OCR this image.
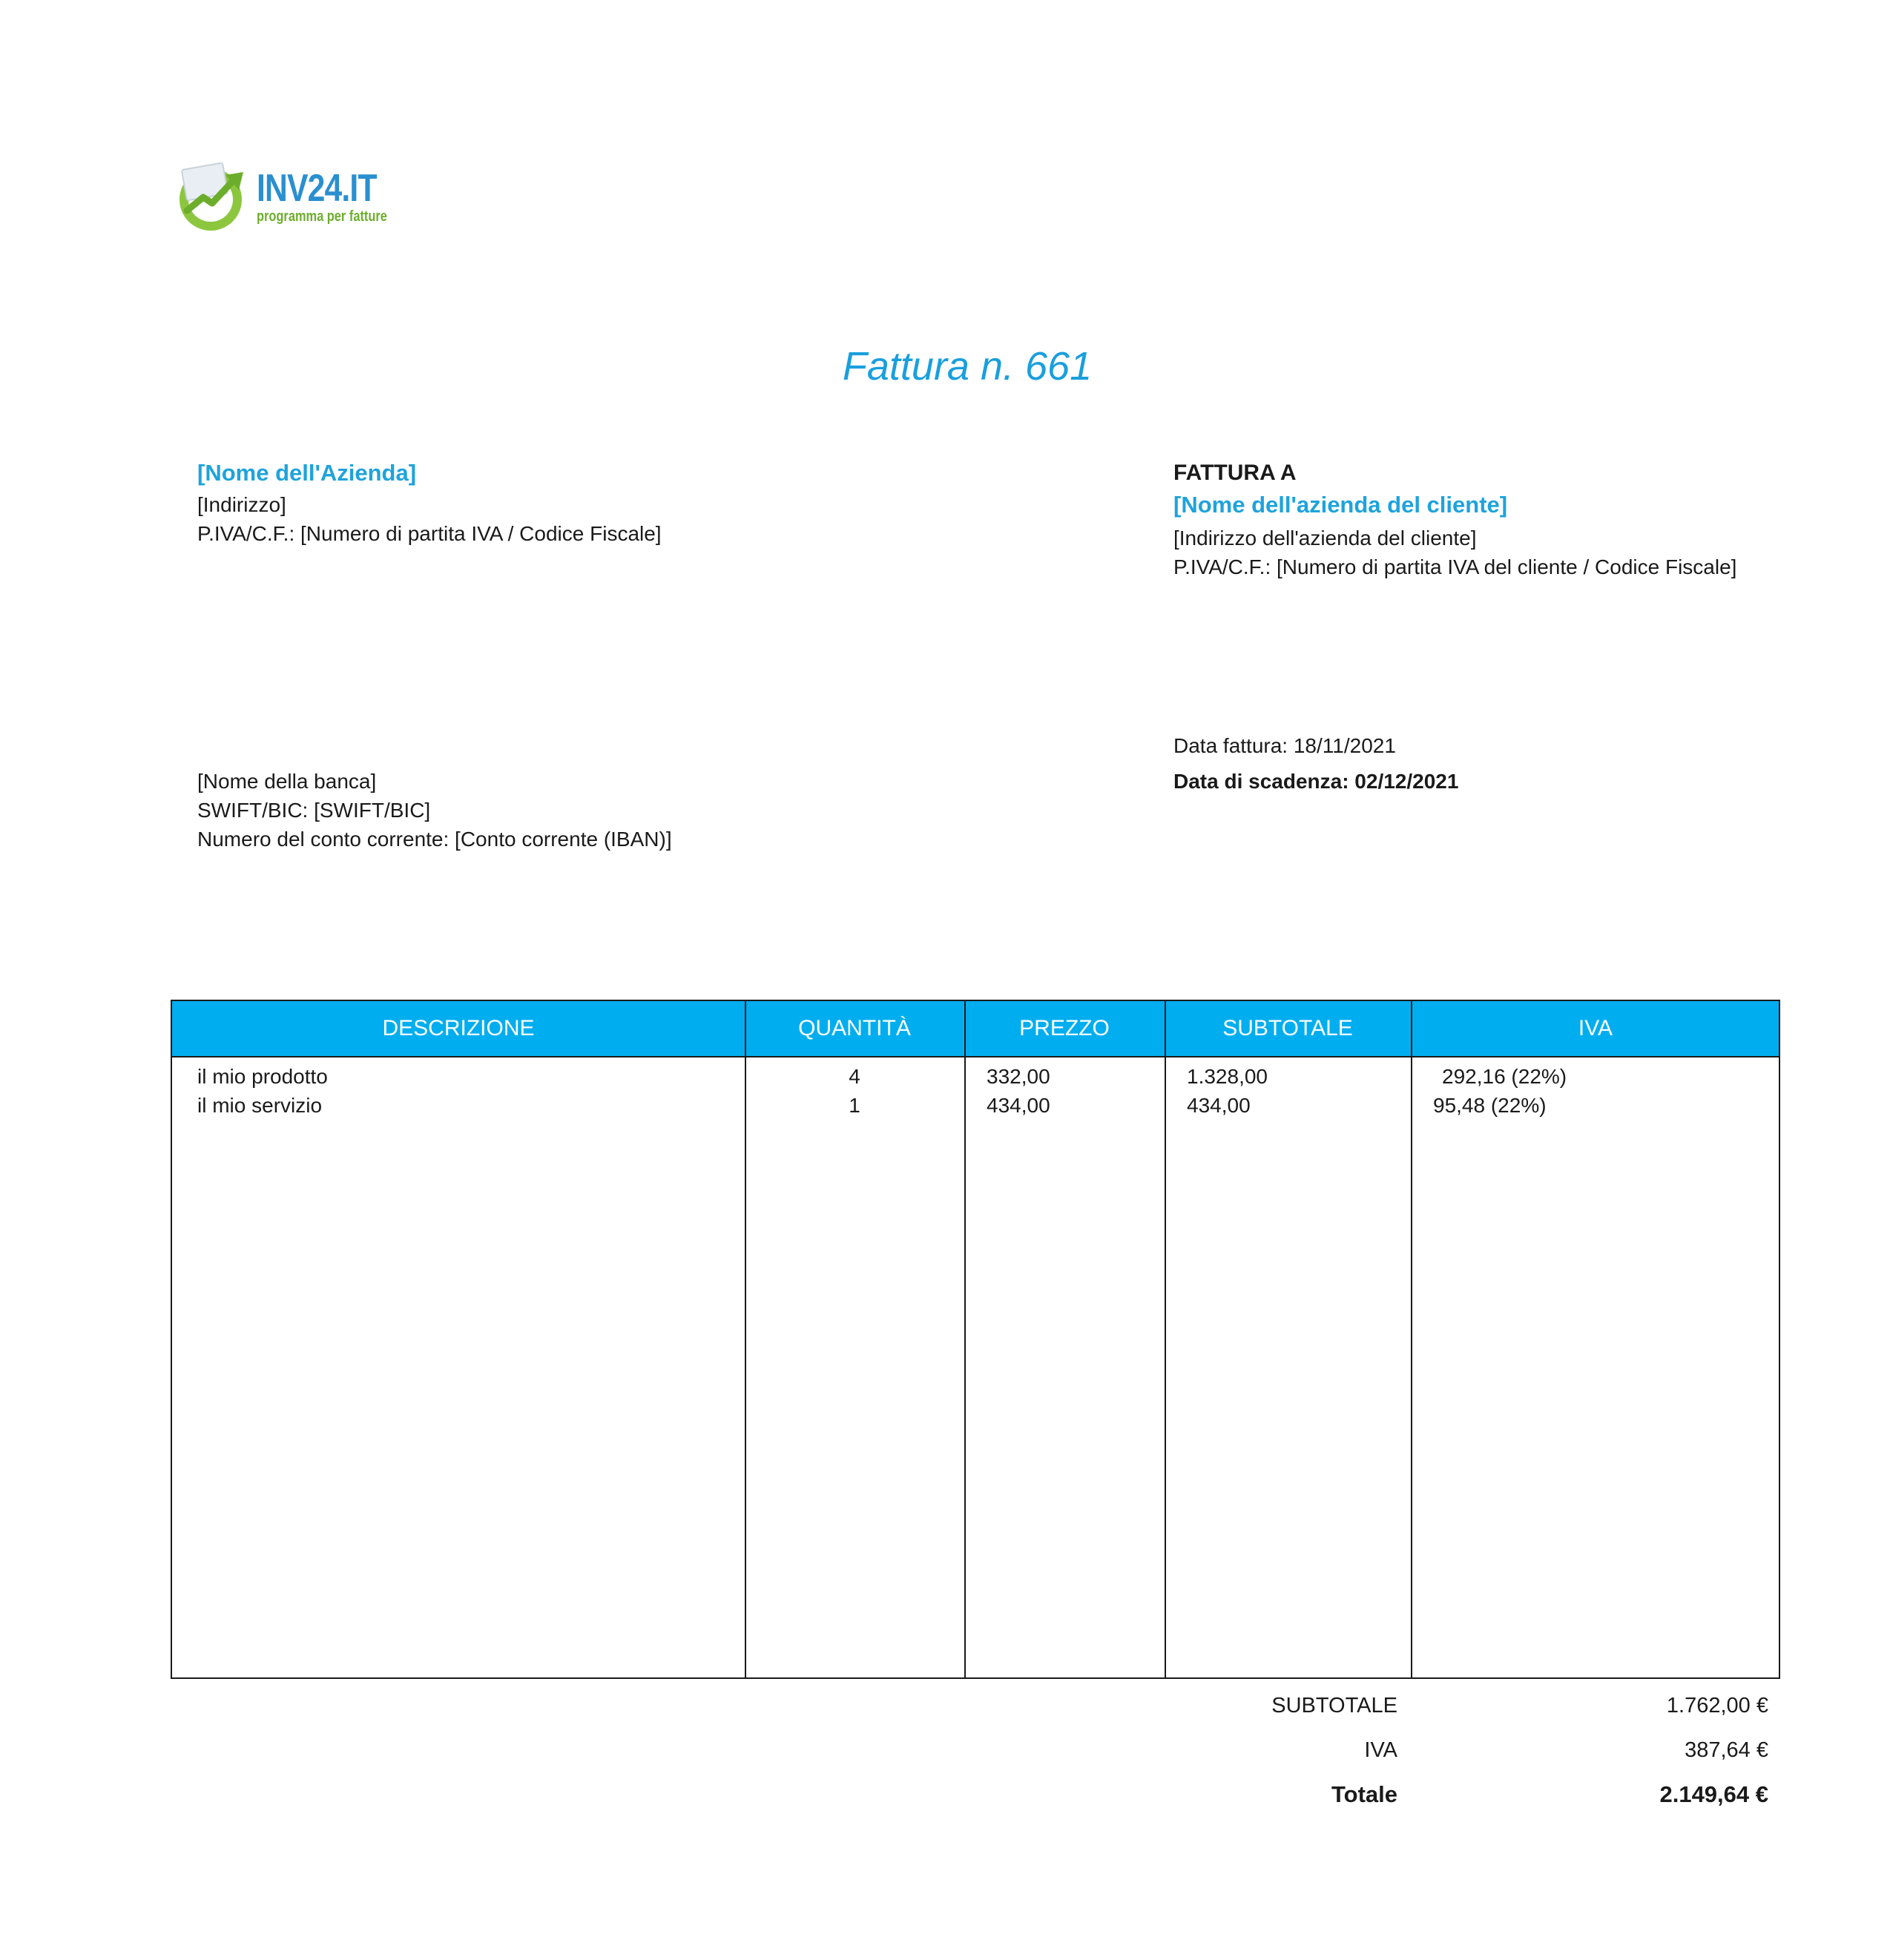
INV24.IT
programma per fatture
Fattura n. 661
[Nome dell'Azienda]
[Indirizzo]
P.IVA/C.F.: [Numero di partita IVA / Codice Fiscale]
FATTURA A
[Nome dell'azienda del cliente]
[Indirizzo dell'azienda del cliente]
P.IVA/C.F.: [Numero di partita IVA del cliente / Codice Fiscale]
Data fattura: 18/11/2021
Data di scadenza: 02/12/2021
[Nome della banca]
SWIFT/BIC: [SWIFT/BIC]
Numero del conto corrente: [Conto corrente (IBAN)]
DESCRIZIONE	QUANTITÀ	PREZZO	SUBTOTALE	IVA
il mio prodotto	4	332,00	1.328,00	292,16 (22%)
il mio servizio	1	434,00	434,00	95,48 (22%)
SUBTOTALE	1.762,00 €
IVA	387,64 €
Totale	2.149,64 €
